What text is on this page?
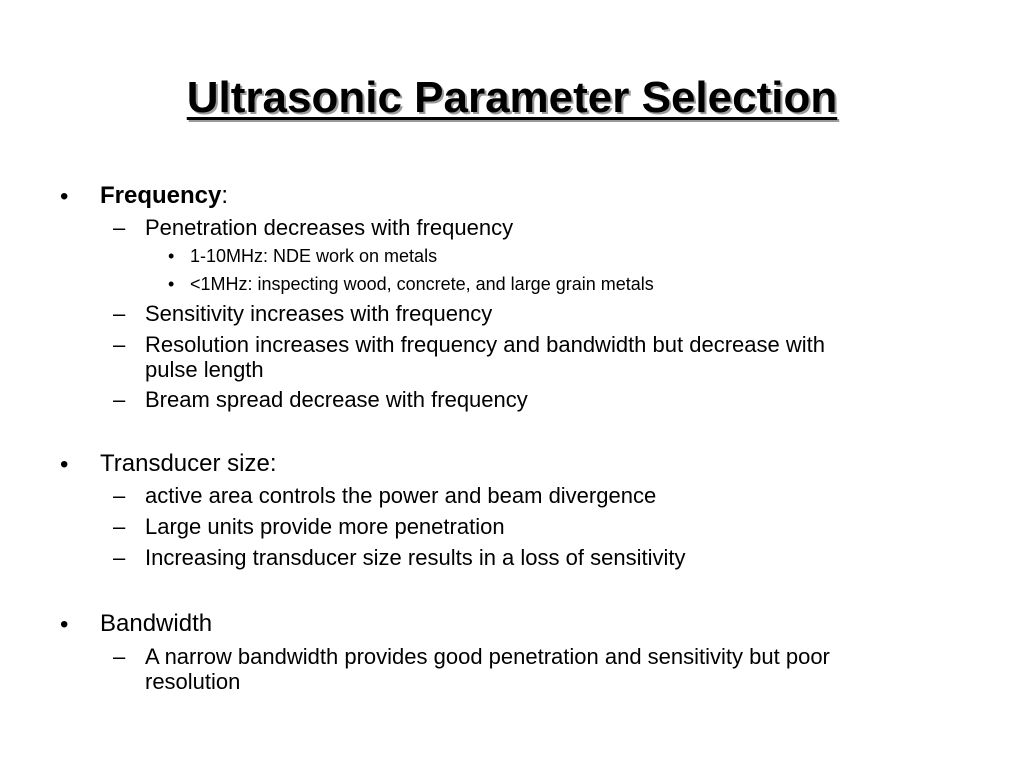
Ultrasonic Parameter Selection
• Frequency:
– Penetration decreases with frequency
• 1-10MHz: NDE work on metals
• <1MHz: inspecting wood, concrete, and large grain metals
– Sensitivity increases with frequency
– Resolution increases with frequency and bandwidth but decrease with
pulse length
– Bream spread decrease with frequency
• Transducer size:
– active area controls the power and beam divergence
– Large units provide more penetration
– Increasing transducer size results in a loss of sensitivity
• Bandwidth
– A narrow bandwidth provides good penetration and sensitivity but poor
resolution
